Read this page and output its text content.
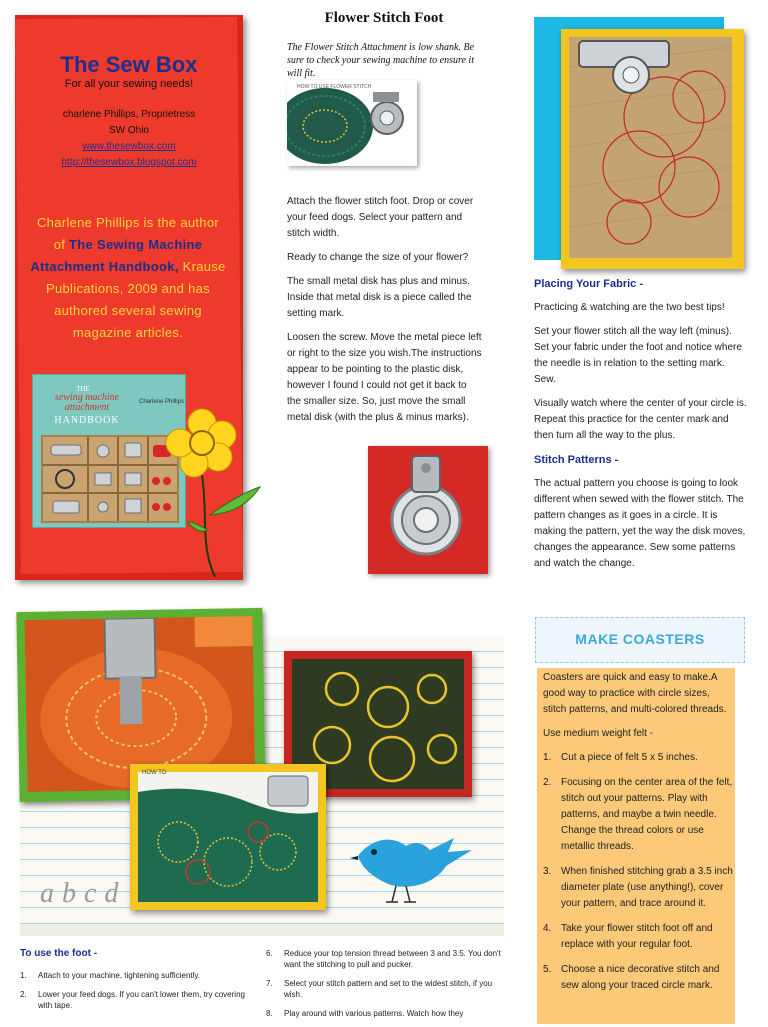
The Sew Box
For all your sewing needs!
charlene Phillips, Proprietress
SW Ohio
www.thesewbox.com
http://thesewbox.blogspot.com
Charlene Phillips is the author of The Sewing Machine Attachment Handbook, Krause Publications, 2009 and has authored several sewing magazine articles.
THE
sewing machine attachment
HANDBOOK
Charlene Phillips
Flower Stitch Foot
The Flower Stitch Attachment is low shank. Be sure to check your sewing machine to ensure it will fit.
HOW TO USE FLOWER STITCH

Attach the flower stitch foot. Drop or cover your feed dogs. Select your pattern and stitch width.

Ready to change the size of your flower?

The small metal disk has plus and minus. Inside that metal disk is a piece called the setting mark.

Loosen the screw. Move the metal piece left or right to the size you wish.The instructions appear to be pointing to the plastic disk, however I found I could not get it back to the smaller size. So, just move the small metal disk (with the plus & minus marks).

Placing Your Fabric -

Practicing & watching are the two best tips!

Set your flower stitch all the way left (minus). Set your fabric under the foot and notice where the needle is in relation to the setting mark. Sew.

Visually watch where the center of your circle is. Repeat this practice for the center mark and then turn all the way to the plus.

Stitch Patterns -

The actual pattern you choose is going to look different when sewed with the flower stitch. The pattern changes as it goes in a circle. It is making the pattern, yet the way the disk moves, changes the appearance. Sew some patterns and watch the change.

abcd
HOW TO
MAKE COASTERS

Coasters are quick and easy to make.A good way to practice with circle sizes, stitch patterns, and multi-colored threads.

Use medium weight felt -

1. Cut a piece of felt 5 x 5 inches.
2. Focusing on the center area of the felt, stitch out your patterns. Play with patterns, and maybe a twin needle. Change the thread colors or use metallic threads.
3. When finished stitching grab a 3.5 inch diameter plate (use anything!), cover your pattern, and trace around it.
4. Take your flower stitch foot off and replace with your regular foot.
5. Choose a nice decorative stitch and sew along your traced circle mark.
To use the foot -
1. Attach to your machine, tightening sufficiently.
2. Lower your feed dogs. If you can't lower them, try covering with tape.
6. Reduce your top tension thread between 3 and 3.5. You don't want the stitching to pull and pucker.
7. Select your stitch pattern and set to the widest stitch, if you wish.
8. Play around with various patterns. Watch how they
